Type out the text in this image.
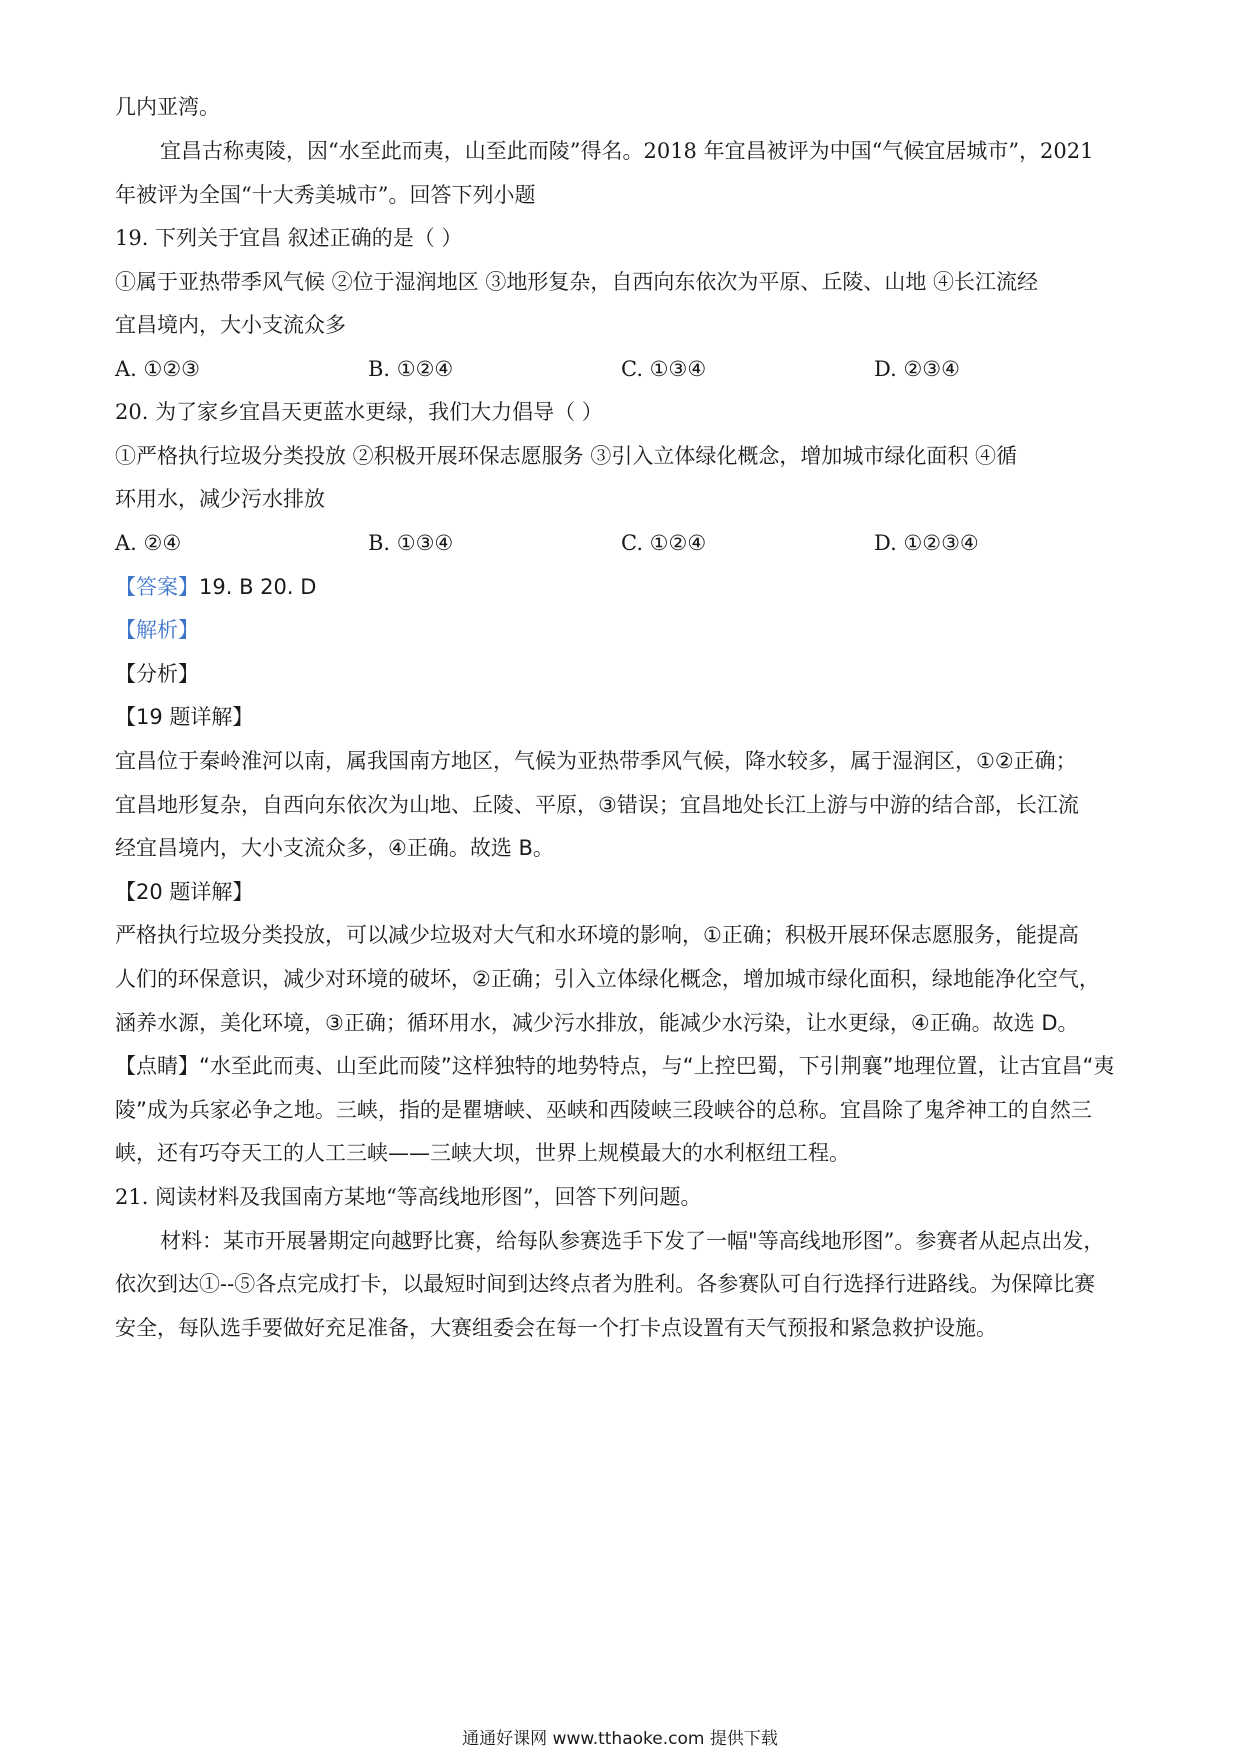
几内亚湾。
宜昌古称夷陵，因“水至此而夷，山至此而陵”得名。2018 年宜昌被评为中国“气候宜居城市”，2021
年被评为全国“十大秀美城市”。回答下列小题
19. 下列关于宜昌 叙述正确的是（ ）
①属于亚热带季风气候 ②位于湿润地区 ③地形复杂，自西向东依次为平原、丘陵、山地 ④长江流经
宜昌境内，大小支流众多
A. ①②③	B. ①②④	C. ①③④	D. ②③④
20. 为了家乡宜昌天更蓝水更绿，我们大力倡导（ ）
①严格执行垃圾分类投放 ②积极开展环保志愿服务 ③引入立体绿化概念，增加城市绿化面积 ④循
环用水，减少污水排放
A. ②④	B. ①③④	C. ①②④	D. ①②③④
【答案】19. B 20. D
【解析】
【分析】
【19 题详解】
宜昌位于秦岭淮河以南，属我国南方地区，气候为亚热带季风气候，降水较多，属于湿润区，①②正确；
宜昌地形复杂，自西向东依次为山地、丘陵、平原，③错误；宜昌地处长江上游与中游的结合部，长江流
经宜昌境内，大小支流众多，④正确。故选 B。
【20 题详解】
严格执行垃圾分类投放，可以减少垃圾对大气和水环境的影响，①正确；积极开展环保志愿服务，能提高
人们的环保意识，减少对环境的破坏，②正确；引入立体绿化概念，增加城市绿化面积，绿地能净化空气，
涵养水源，美化环境，③正确；循环用水，减少污水排放，能减少水污染，让水更绿，④正确。故选 D。
【点睛】“水至此而夷、山至此而陵”这样独特的地势特点，与“上控巴蜀，下引荆襄”地理位置，让古宜昌“夷
陵”成为兵家必争之地。三峡，指的是瞿塘峡、巫峡和西陵峡三段峡谷的总称。宜昌除了鬼斧神工的自然三
峡，还有巧夺天工的人工三峡——三峡大坝，世界上规模最大的水利枢纽工程。
21. 阅读材料及我国南方某地“等高线地形图”，回答下列问题。
材料：某市开展暑期定向越野比赛，给每队参赛选手下发了一幅"等高线地形图”。参赛者从起点出发，
依次到达①--⑤各点完成打卡，以最短时间到达终点者为胜利。各参赛队可自行选择行进路线。为保障比赛
安全，每队选手要做好充足准备，大赛组委会在每一个打卡点设置有天气预报和紧急救护设施。
通通好课网 www.tthaoke.com 提供下载
